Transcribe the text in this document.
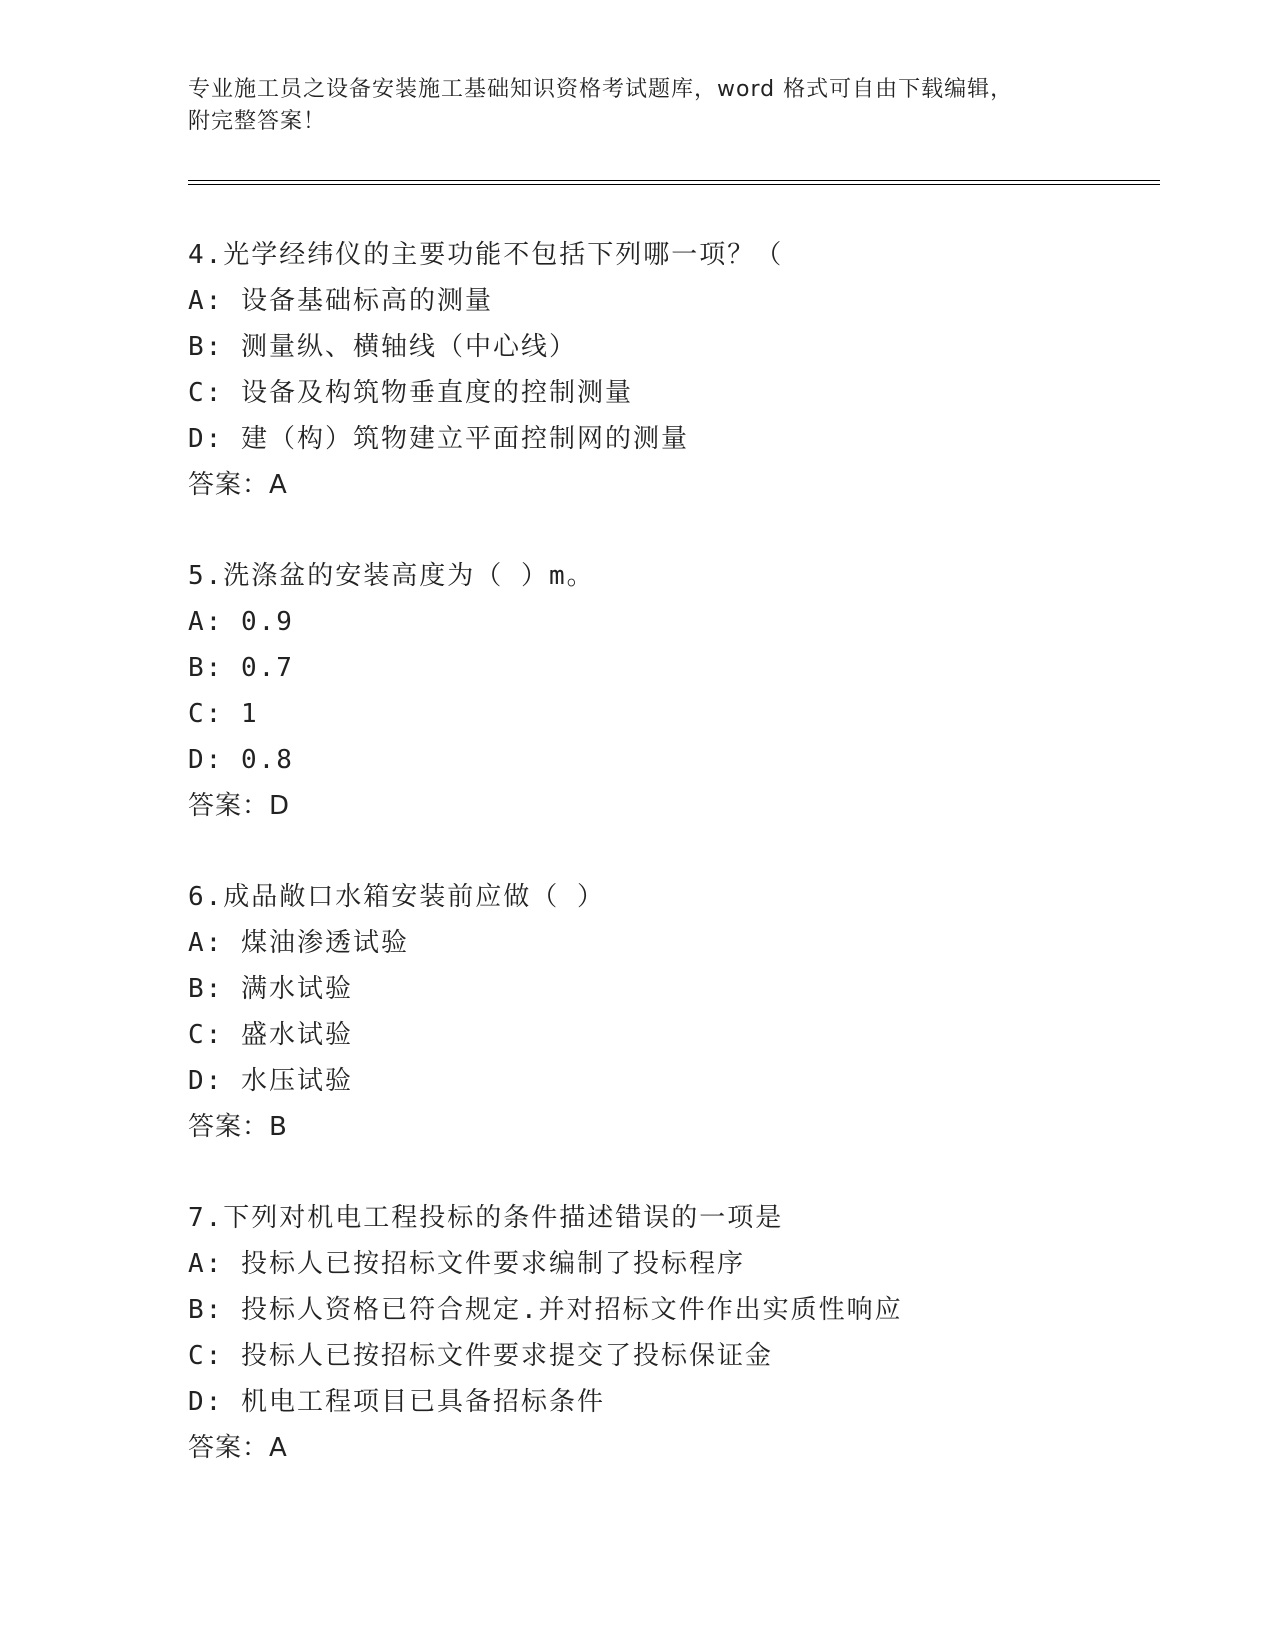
专业施工员之设备安装施工基础知识资格考试题库，word 格式可自由下载编辑，
附完整答案！
4.光学经纬仪的主要功能不包括下列哪一项？（
A: 设备基础标高的测量
B: 测量纵、横轴线（中心线）
C: 设备及构筑物垂直度的控制测量
D: 建（构）筑物建立平面控制网的测量
答案：A
5.洗涤盆的安装高度为（ ）m。
A: 0.9
B: 0.7
C: 1
D: 0.8
答案：D
6.成品敞口水箱安装前应做（ ）
A: 煤油渗透试验
B: 满水试验
C: 盛水试验
D: 水压试验
答案：B
7.下列对机电工程投标的条件描述错误的一项是
A: 投标人已按招标文件要求编制了投标程序
B: 投标人资格已符合规定.并对招标文件作出实质性响应
C: 投标人已按招标文件要求提交了投标保证金
D: 机电工程项目已具备招标条件
答案：A
